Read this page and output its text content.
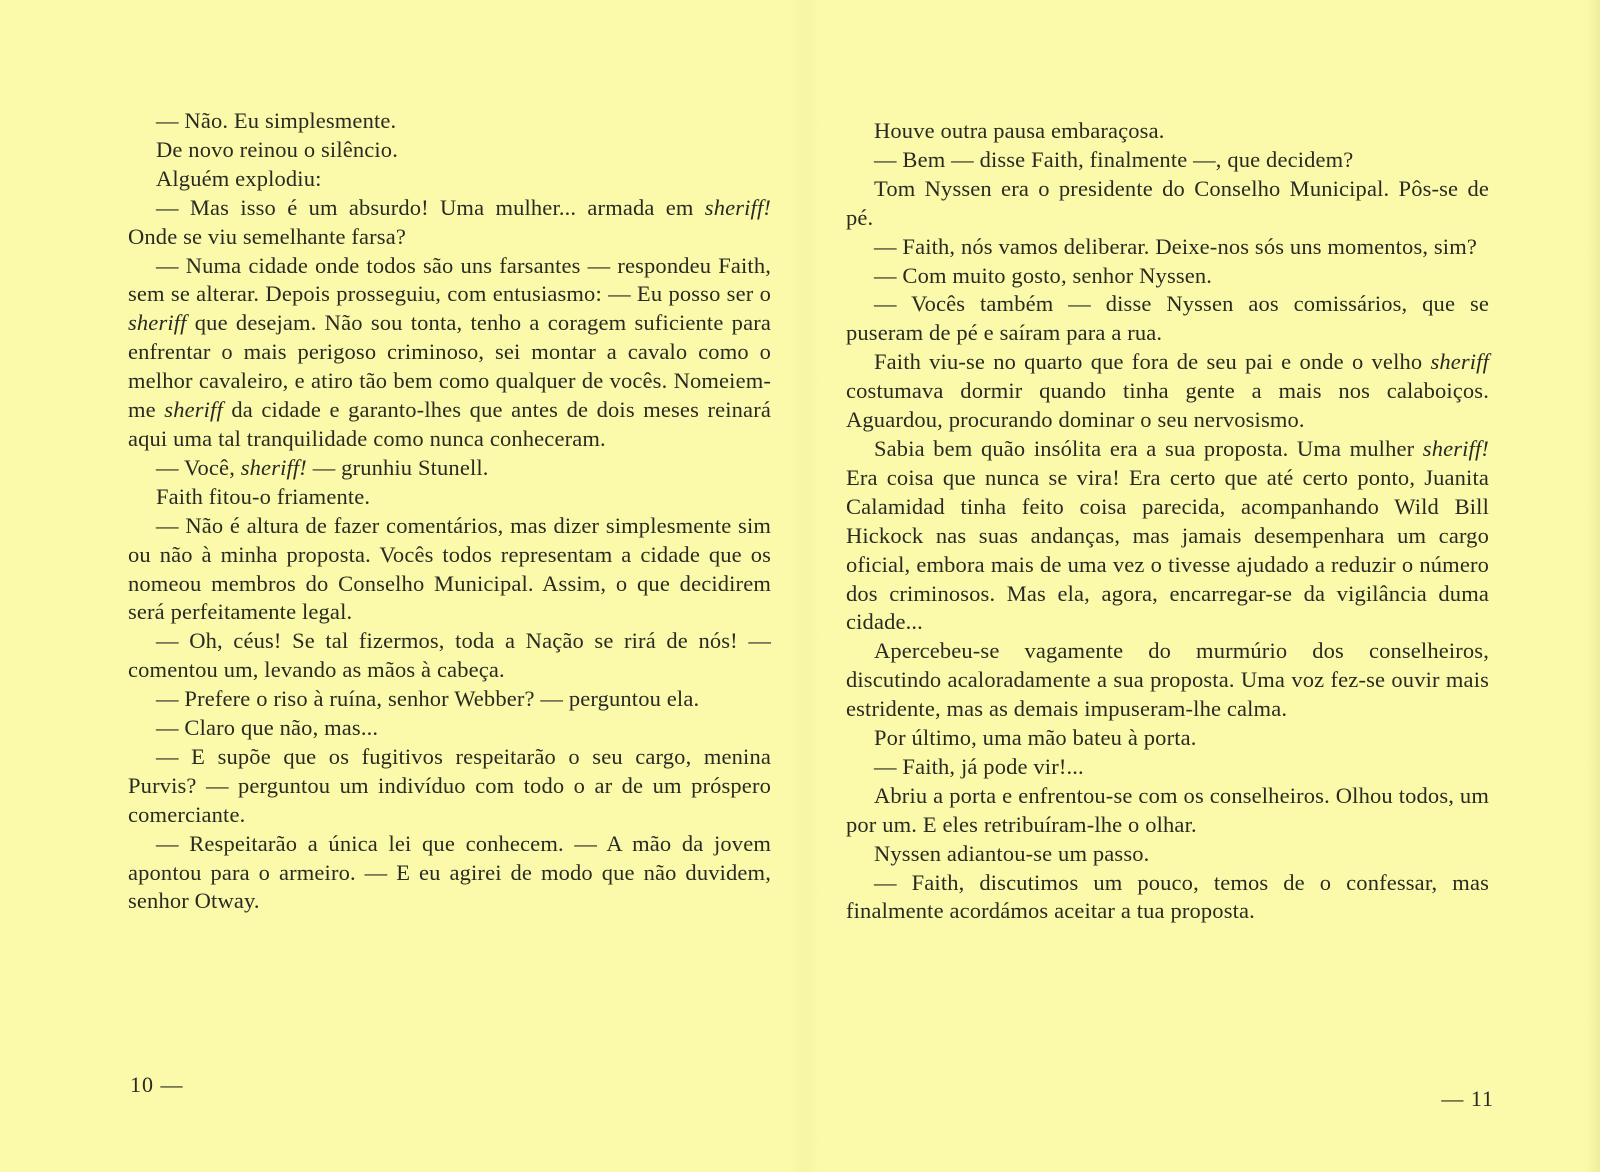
— Não. Eu simplesmente.

De novo reinou o silêncio.

Alguém explodiu:

— Mas isso é um absurdo! Uma mulher... armada em sheriff! Onde se viu semelhante farsa?

— Numa cidade onde todos são uns farsantes — respondeu Faith, sem se alterar. Depois prosseguiu, com entusiasmo: — Eu posso ser o sheriff que desejam. Não sou tonta, tenho a coragem suficiente para enfrentar o mais perigoso criminoso, sei montar a cavalo como o melhor cavaleiro, e atiro tão bem como qualquer de vocês. Nomeiem-me sheriff da cidade e garanto-lhes que antes de dois meses reinará aqui uma tal tranquilidade como nunca conheceram.

— Você, sheriff! — grunhiu Stunell.

Faith fitou-o friamente.

— Não é altura de fazer comentários, mas dizer simplesmente sim ou não à minha proposta. Vocês todos representam a cidade que os nomeou membros do Conselho Municipal. Assim, o que decidirem será perfeitamente legal.

— Oh, céus! Se tal fizermos, toda a Nação se rirá de nós! — comentou um, levando as mãos à cabeça.

— Prefere o riso à ruína, senhor Webber? — perguntou ela.

— Claro que não, mas...

— E supõe que os fugitivos respeitarão o seu cargo, menina Purvis? — perguntou um indivíduo com todo o ar de um próspero comerciante.

— Respeitarão a única lei que conhecem. — A mão da jovem apontou para o armeiro. — E eu agirei de modo que não duvidem, senhor Otway.

10 —

Houve outra pausa embaraçosa.

— Bem — disse Faith, finalmente —, que decidem?

Tom Nyssen era o presidente do Conselho Municipal. Pôs-se de pé.

— Faith, nós vamos deliberar. Deixe-nos sós uns momentos, sim?

— Com muito gosto, senhor Nyssen.

— Vocês também — disse Nyssen aos comissários, que se puseram de pé e saíram para a rua.

Faith viu-se no quarto que fora de seu pai e onde o velho sheriff costumava dormir quando tinha gente a mais nos calaboiços. Aguardou, procurando dominar o seu nervosismo.

Sabia bem quão insólita era a sua proposta. Uma mulher sheriff! Era coisa que nunca se vira! Era certo que até certo ponto, Juanita Calamidad tinha feito coisa parecida, acompanhando Wild Bill Hickock nas suas andanças, mas jamais desempenhara um cargo oficial, embora mais de uma vez o tivesse ajudado a reduzir o número dos criminosos. Mas ela, agora, encarregar-se da vigilância duma cidade...

Apercebeu-se vagamente do murmúrio dos conselheiros, discutindo acaloradamente a sua proposta. Uma voz fez-se ouvir mais estridente, mas as demais impuseram-lhe calma.

Por último, uma mão bateu à porta.

— Faith, já pode vir!...

Abriu a porta e enfrentou-se com os conselheiros. Olhou todos, um por um. E eles retribuíram-lhe o olhar.

Nyssen adiantou-se um passo.

— Faith, discutimos um pouco, temos de o confessar, mas finalmente acordámos aceitar a tua proposta.

— 11
